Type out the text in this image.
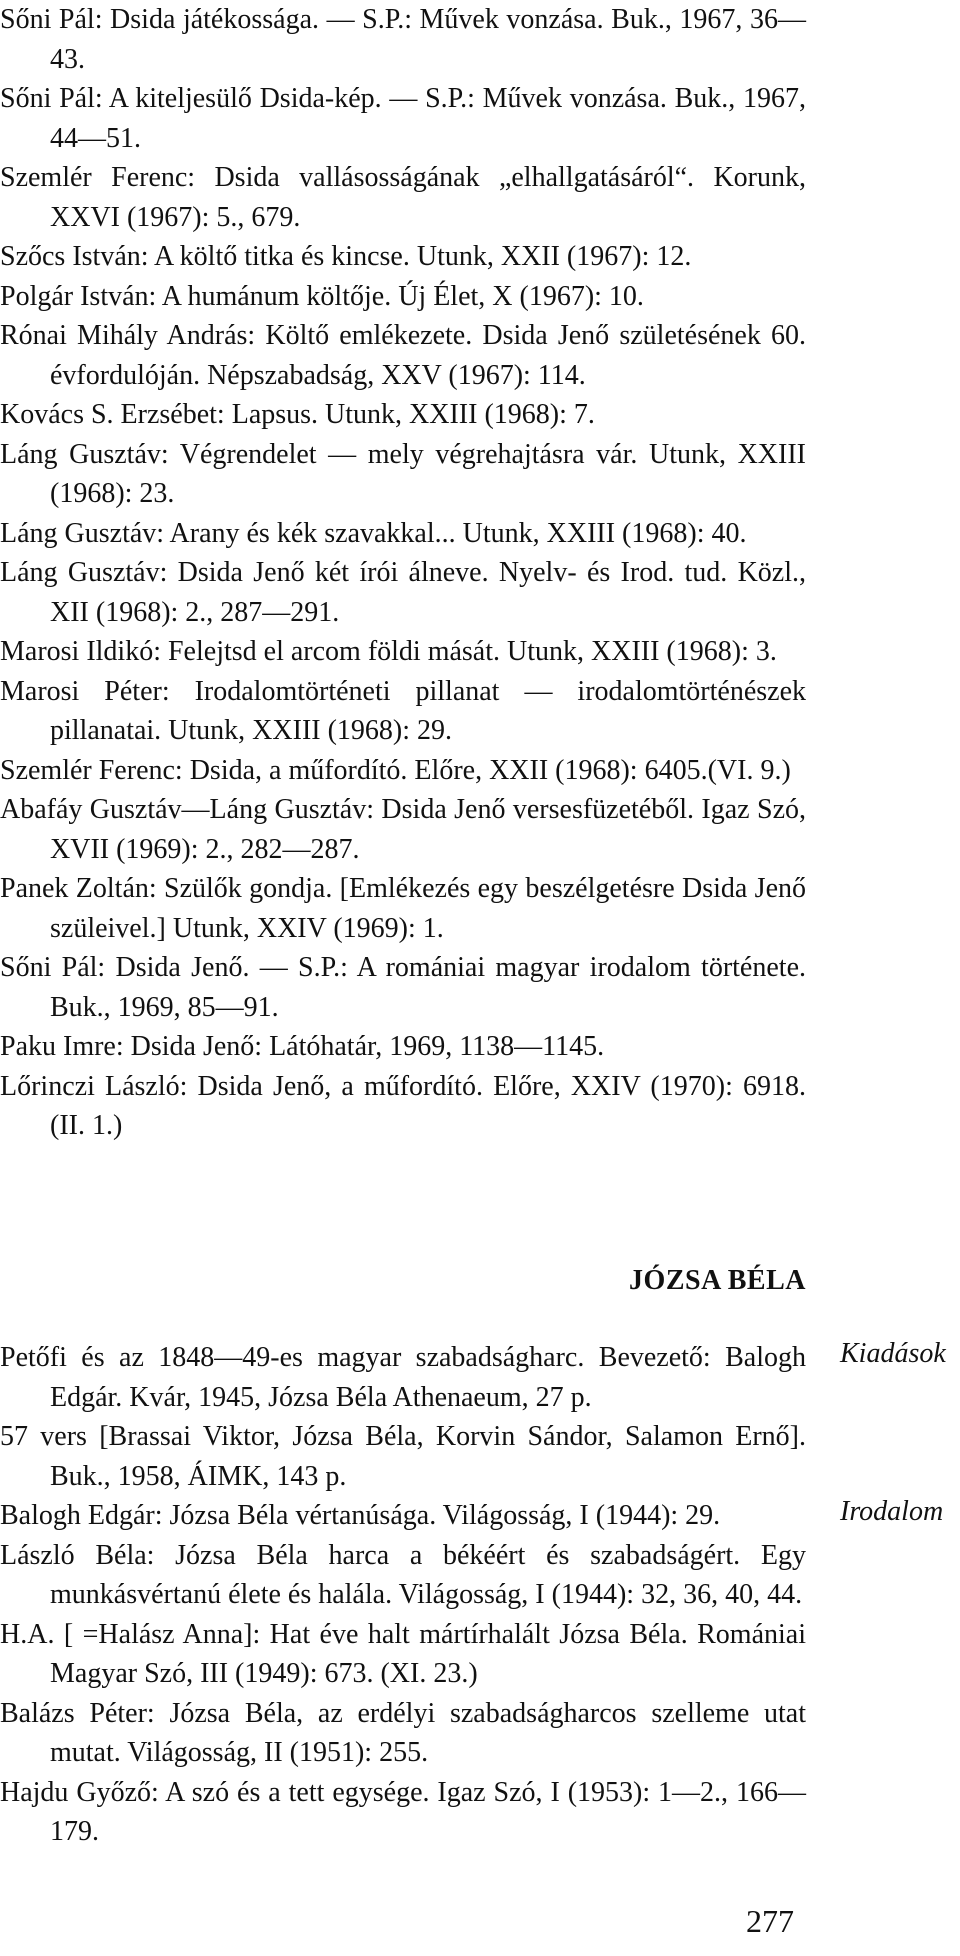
Sőni Pál: Dsida játékossága. — S.P.: Művek vonzása. Buk., 1967, 36—43.
Sőni Pál: A kiteljesülő Dsida-kép. — S.P.: Művek vonzása. Buk., 1967, 44—51.
Szemlér Ferenc: Dsida vallásosságának „elhallgatásáról“. Korunk, XXVI (1967): 5., 679.
Szőcs István: A költő titka és kincse. Utunk, XXII (1967): 12.
Polgár István: A humánum költője. Új Élet, X (1967): 10.
Rónai Mihály András: Költő emlékezete. Dsida Jenő születésének 60. évfordulóján. Népszabadság, XXV (1967): 114.
Kovács S. Erzsébet: Lapsus. Utunk, XXIII (1968): 7.
Láng Gusztáv: Végrendelet — mely végrehajtásra vár. Utunk, XXIII (1968): 23.
Láng Gusztáv: Arany és kék szavakkal... Utunk, XXIII (1968): 40.
Láng Gusztáv: Dsida Jenő két írói álneve. Nyelv- és Irod. tud. Közl., XII (1968): 2., 287—291.
Marosi Ildikó: Felejtsd el arcom földi mását. Utunk, XXIII (1968): 3.
Marosi Péter: Irodalomtörténeti pillanat — irodalomtörténészek pillanatai. Utunk, XXIII (1968): 29.
Szemlér Ferenc: Dsida, a műfordító. Előre, XXII (1968): 6405.(VI. 9.)
Abafáy Gusztáv—Láng Gusztáv: Dsida Jenő versesfüzetéből. Igaz Szó, XVII (1969): 2., 282—287.
Panek Zoltán: Szülők gondja. [Emlékezés egy beszélgetésre Dsida Jenő szüleivel.] Utunk, XXIV (1969): 1.
Sőni Pál: Dsida Jenő. — S.P.: A romániai magyar irodalom története. Buk., 1969, 85—91.
Paku Imre: Dsida Jenő: Látóhatár, 1969, 1138—1145.
Lőrinczi László: Dsida Jenő, a műfordító. Előre, XXIV (1970): 6918. (II. 1.)
JÓZSA BÉLA
Kiadások
Irodalom
Petőfi és az 1848—49-es magyar szabadságharc. Bevezető: Balogh Edgár. Kvár, 1945, Józsa Béla Athenaeum, 27 p.
57 vers [Brassai Viktor, Józsa Béla, Korvin Sándor, Salamon Ernő]. Buk., 1958, ÁIMK, 143 p.
Balogh Edgár: Józsa Béla vértanúsága. Világosság, I (1944): 29.
László Béla: Józsa Béla harca a békéért és szabadságért. Egy munkásvértanú élete és halála. Világosság, I (1944): 32, 36, 40, 44.
H.A. [ =Halász Anna]: Hat éve halt mártírhalált Józsa Béla. Romániai Magyar Szó, III (1949): 673. (XI. 23.)
Balázs Péter: Józsa Béla, az erdélyi szabadságharcos szelleme utat mutat. Világosság, II (1951): 255.
Hajdu Győző: A szó és a tett egysége. Igaz Szó, I (1953): 1—2., 166—179.
277
